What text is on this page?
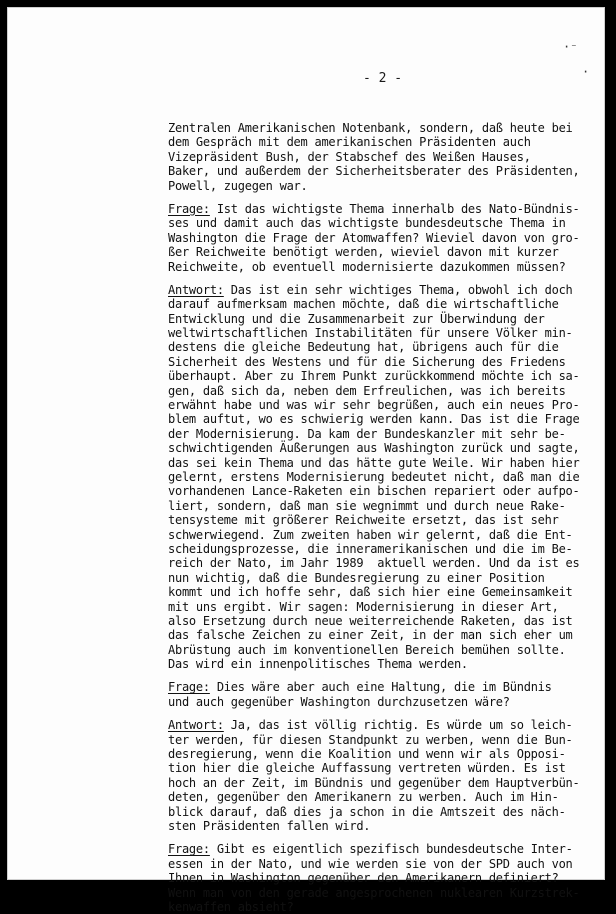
- 2 -
·⁻
·
Zentralen Amerikanischen Notenbank, sondern, daß heute bei
dem Gespräch mit dem amerikanischen Präsidenten auch
Vizepräsident Bush, der Stabschef des Weißen Hauses,
Baker, und außerdem der Sicherheitsberater des Präsidenten,
Powell, zugegen war.
Frage: Ist das wichtigste Thema innerhalb des Nato-Bündnis-
ses und damit auch das wichtigste bundesdeutsche Thema in
Washington die Frage der Atomwaffen? Wieviel davon von gro-
ßer Reichweite benötigt werden, wieviel davon mit kurzer
Reichweite, ob eventuell modernisierte dazukommen müssen?
Antwort: Das ist ein sehr wichtiges Thema, obwohl ich doch
darauf aufmerksam machen möchte, daß die wirtschaftliche
Entwicklung und die Zusammenarbeit zur Überwindung der
weltwirtschaftlichen Instabilitäten für unsere Völker min-
destens die gleiche Bedeutung hat, übrigens auch für die
Sicherheit des Westens und für die Sicherung des Friedens
überhaupt. Aber zu Ihrem Punkt zurückkommend möchte ich sa-
gen, daß sich da, neben dem Erfreulichen, was ich bereits
erwähnt habe und was wir sehr begrüßen, auch ein neues Pro-
blem auftut, wo es schwierig werden kann. Das ist die Frage
der Modernisierung. Da kam der Bundeskanzler mit sehr be-
schwichtigenden Äußerungen aus Washington zurück und sagte,
das sei kein Thema und das hätte gute Weile. Wir haben hier
gelernt, erstens Modernisierung bedeutet nicht, daß man die
vorhandenen Lance-Raketen ein bischen repariert oder aufpo-
liert, sondern, daß man sie wegnimmt und durch neue Rake-
tensysteme mit größerer Reichweite ersetzt, das ist sehr
schwerwiegend. Zum zweiten haben wir gelernt, daß die Ent-
scheidungsprozesse, die inneramerikanischen und die im Be-
reich der Nato, im Jahr 1989  aktuell werden. Und da ist es
nun wichtig, daß die Bundesregierung zu einer Position
kommt und ich hoffe sehr, daß sich hier eine Gemeinsamkeit
mit uns ergibt. Wir sagen: Modernisierung in dieser Art,
also Ersetzung durch neue weiterreichende Raketen, das ist
das falsche Zeichen zu einer Zeit, in der man sich eher um
Abrüstung auch im konventionellen Bereich bemühen sollte.
Das wird ein innenpolitisches Thema werden.
Frage: Dies wäre aber auch eine Haltung, die im Bündnis
und auch gegenüber Washington durchzusetzen wäre?
Antwort: Ja, das ist völlig richtig. Es würde um so leich-
ter werden, für diesen Standpunkt zu werben, wenn die Bun-
desregierung, wenn die Koalition und wenn wir als Opposi-
tion hier die gleiche Auffassung vertreten würden. Es ist
hoch an der Zeit, im Bündnis und gegenüber dem Hauptverbün-
deten, gegenüber den Amerikanern zu werben. Auch im Hin-
blick darauf, daß dies ja schon in die Amtszeit des näch-
sten Präsidenten fallen wird.
Frage: Gibt es eigentlich spezifisch bundesdeutsche Inter-
essen in der Nato, und wie werden sie von der SPD auch von
Ihnen in Washington gegenüber den Amerikanern definiert?
Wenn man von den gerade angesprochenen nuklearen Kurzstrek-
kenwaffen absieht?
